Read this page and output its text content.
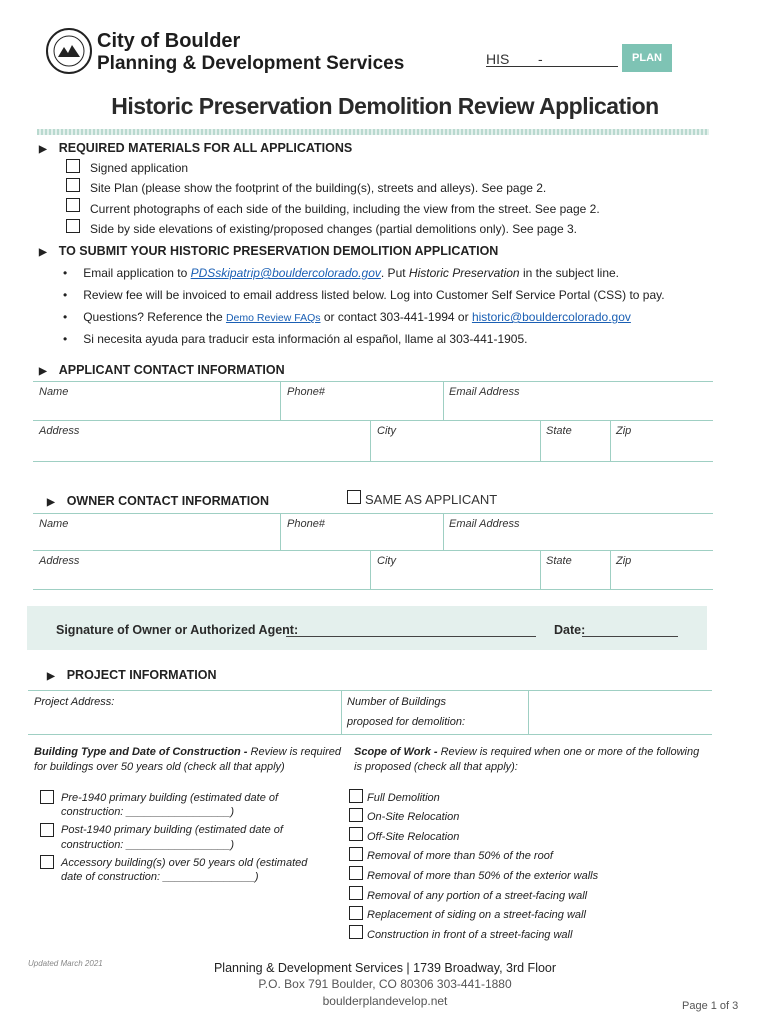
City of Boulder
Planning & Development Services	HIS -	PLAN
Historic Preservation Demolition Review Application
▶ REQUIRED MATERIALS FOR ALL APPLICATIONS
Signed application
Site Plan (please show the footprint of the building(s), streets and alleys). See page 2.
Current photographs of each side of the building, including the view from the street. See page 2.
Side by side elevations of existing/proposed changes (partial demolitions only). See page 3.
▶ TO SUBMIT YOUR HISTORIC PRESERVATION DEMOLITION APPLICATION
• Email application to PDSskipatrip@bouldercolorado.gov. Put Historic Preservation in the subject line.
• Review fee will be invoiced to email address listed below. Log into Customer Self Service Portal (CSS) to pay.
• Questions? Reference the Demo Review FAQs or contact 303-441-1994 or historic@bouldercolorado.gov
• Si necesita ayuda para traducir esta información al español, llame al 303-441-1905.
▶ APPLICANT CONTACT INFORMATION
Name	Phone#	Email Address
Address	City	State	Zip
▶ OWNER CONTACT INFORMATION	SAME AS APPLICANT
Name	Phone#	Email Address
Address	City	State	Zip
Signature of Owner or Authorized Agent:	Date:
▶ PROJECT INFORMATION
Project Address:	Number of Buildings
proposed for demolition:
Building Type and Date of Construction - Review is required
for buildings over 50 years old (check all that apply)
Pre-1940 primary building (estimated date of
construction: _________________)
Post-1940 primary building (estimated date of
construction: _________________)
Accessory building(s) over 50 years old (estimated
date of construction: _______________)
Scope of Work - Review is required when one or more of the following
is proposed (check all that apply):
Full Demolition
On-Site Relocation
Off-Site Relocation
Removal of more than 50% of the roof
Removal of more than 50% of the exterior walls
Removal of any portion of a street-facing wall
Replacement of siding on a street-facing wall
Construction in front of a street-facing wall
Updated March 2021	Planning & Development Services | 1739 Broadway, 3rd Floor
P.O. Box 791 Boulder, CO 80306 303-441-1880
boulderplandevelop.net	Page 1 of 3
